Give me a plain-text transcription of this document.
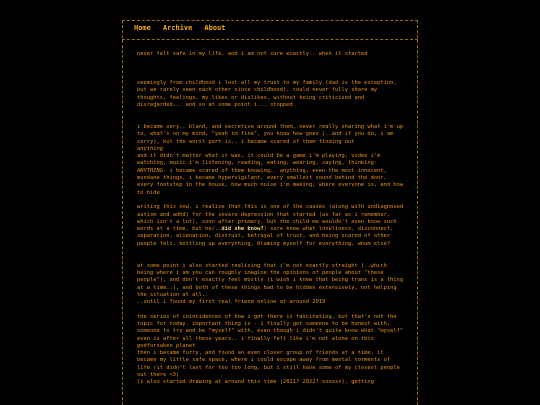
Home Archive About

never felt safe in my life, and i am not sure exactly.. when it started

seemingly from childhood i lost all my trust to my family (dad is the exception, but we rarely seen each other since childhood), could never fully share my thoughts, feelings, my likes or dislikes, without being criticised and disregarded... and so at some point i... stopped

i became very.. bland, and secretive around them, never really sharing what i'm up to, what's on my mind, "yeah im fine", you know how goes (..and if you do, i am sorry), but the worst part is.. i became scared of them finding out
anything
and it didn't matter what it was, it could be a game i'm playing, video i'm watching, music i'm listening, reading, eating, wearing, saying, thinking-
ANYTHING. i became scared of them knowing.. anything, even the most innocent, mundane things, i became hypervigilant, every smallest sound behind the door, every footstep in the house, how much noise i'm making, where everyone is, and how to hide

writing this now, i realise that this is one of the causes (along with undiagnosed autism and adhd) for the severe depression that started (as far as i remember, which isn't a lot), soon after primary, but the child me wouldn't even know such words at a time, but he/..did she know?) sure knew what loneliness, disconnect, separation, alienation, distrust, betrayal of trust, and being scared of other people felt, bottling up everything, blaming myself for everything, whom else?

at some point i also started realising that i'm not exactly straight (..which being where i am you can roughly imagine the opinions of people about "these people"), and don't exactly feel mostly (i wish i knew that being trans is a thing at a time..), and both of these things had to be hidden extensively, not helping the situation at all..

..until i found my first real friend online at around 2019

the series of coincidences of how i got there is fascinating, but that's not the topic for today. important thing is - i finally got someone to be honest with, someone to try and be "myself" with, even though i didn't quite know what "myself" even is after all these years.. i finally felt like i'm not alone on this godforsaken planet

then i became furry, and found an even closer group of friends at a time, it became my little safe space, where i could escape away from mental torments of life (it didn't last for too too long, but i still have some of my closest people out there <3)

(i also started drawing at around this time (2021? 2022? xxxxxx), getting
